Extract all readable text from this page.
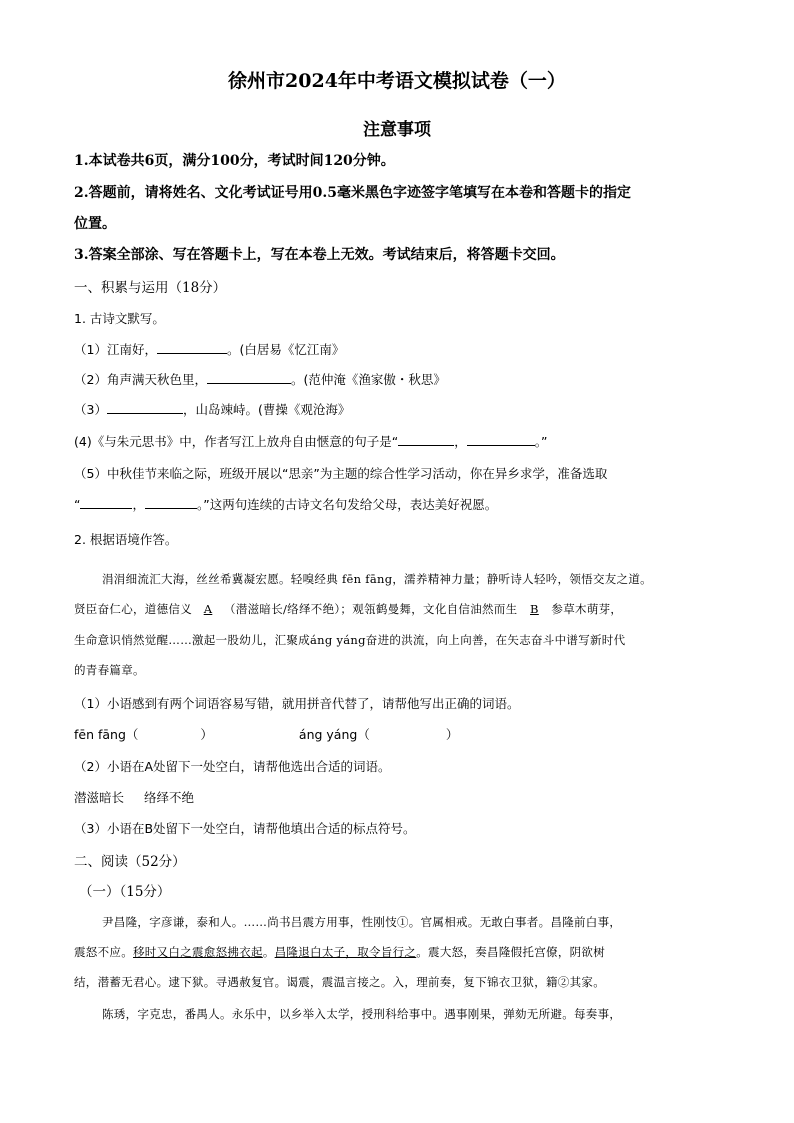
徐州市2024年中考语文模拟试卷（一）
注意事项
1.本试卷共6页，满分100分，考试时间120分钟。
2.答题前，请将姓名、文化考试证号用0.5毫米黑色字迹签字笔填写在本卷和答题卡的指定
位置。
3.答案全部涂、写在答题卡上，写在本卷上无效。考试结束后，将答题卡交回。
一、积累与运用（18分）
1. 古诗文默写。
（1）江南好，	。(白居易《忆江南》
（2）角声满天秋色里，	。(范仲淹《渔家傲・秋思》
（3）	，山岛竦峙。(曹操《观沧海》
(4)《与朱元思书》中，作者写江上放舟自由惬意的句子是“	，	。”
（5）中秋佳节来临之际，班级开展以“思亲”为主题的综合性学习活动，你在异乡求学，准备选取
“	，	。”这两句连续的古诗文名句发给父母，表达美好祝愿。
2. 根据语境作答。
涓涓细流汇大海，丝丝希冀凝宏愿。轻嗅经典 fēn fāng，濡养精神力量；静听诗人轻吟，领悟交友之道。
贤臣奋仁心，道德信义 A （潜滋暗长/络绎不绝）；观瓴鹤曼舞，文化自信油然而生 B 参草木萌芽，
生命意识悄然觉醒……激起一股幼儿，汇聚成áng yáng奋进的洪流，向上向善，在矢志奋斗中谱写新时代
的青春篇章。
（1）小语感到有两个词语容易写错，就用拼音代替了，请帮他写出正确的词语。
fēn fāng（	）	áng yáng（	）
（2）小语在A处留下一处空白，请帮他选出合适的词语。
潜滋暗长 络绎不绝
（3）小语在B处留下一处空白，请帮他填出合适的标点符号。
二、阅读（52分）
（一）（15分）
尹昌隆，字彦谦，泰和人。……尚书吕震方用事，性刚忮①。官属相戒。无敢白事者。昌隆前白事，
震怒不应。移时又白之震愈怒拂衣起。昌隆退白太子，取令旨行之。震大怒，奏昌隆假托宫僚，阴欲树
结，潜蓄无君心。逮下狱。寻遇赦复官。谒震，震温言接之。入，理前奏，复下锦衣卫狱，籍②其家。
陈琇，字克忠，番禺人。永乐中，以乡举入太学，授刑科给事中。遇事刚果，弹劾无所避。每奏事，
